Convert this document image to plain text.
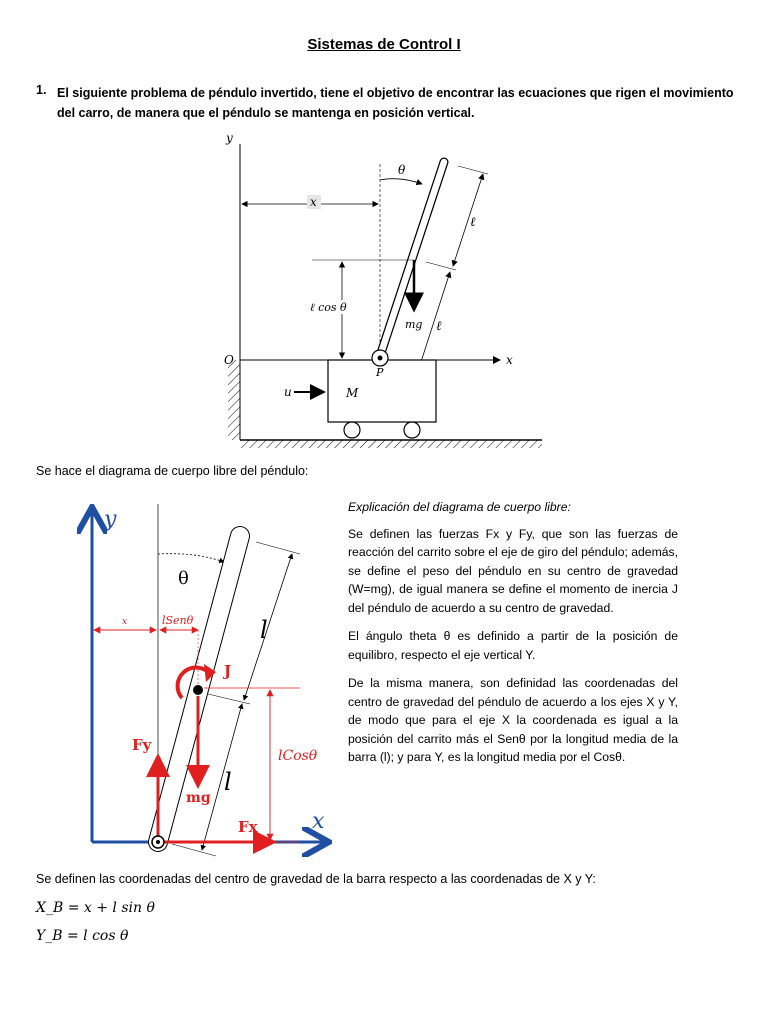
Sistemas de Control I
1. El siguiente problema de péndulo invertido, tiene el objetivo de encontrar las ecuaciones que rigen el movimiento del carro, de manera que el péndulo se mantenga en posición vertical.
y
x
O
x
θ
ℓ
ℓ
ℓ cos θ
mg
M
P
u
Se hace el diagrama de cuerpo libre del péndulo:
y
x
θ
l
l
x	lSenθ
lCosθ
J
mg
Fy
Fx

Explicación del diagrama de cuerpo libre:

Se definen las fuerzas Fx y Fy, que son las fuerzas de reacción del carrito sobre el eje de giro del péndulo; además, se define el peso del péndulo en su centro de gravedad (W=mg), de igual manera se define el momento de inercia J del péndulo de acuerdo a su centro de gravedad.

El ángulo theta θ es definido a partir de la posición de equilibro, respecto el eje vertical Y.

De la misma manera, son definidad las coordenadas del centro de gravedad del péndulo de acuerdo a los ejes X y Y, de modo que para el eje X la coordenada es igual a la posición del carrito más el Senθ por la longitud media de la barra (l); y para Y, es la longitud media por el Cosθ.

Se definen las coordenadas del centro de gravedad de la barra respecto a las coordenadas de X y Y:
X_B = x + l sin θ
Y_B = l cos θ
